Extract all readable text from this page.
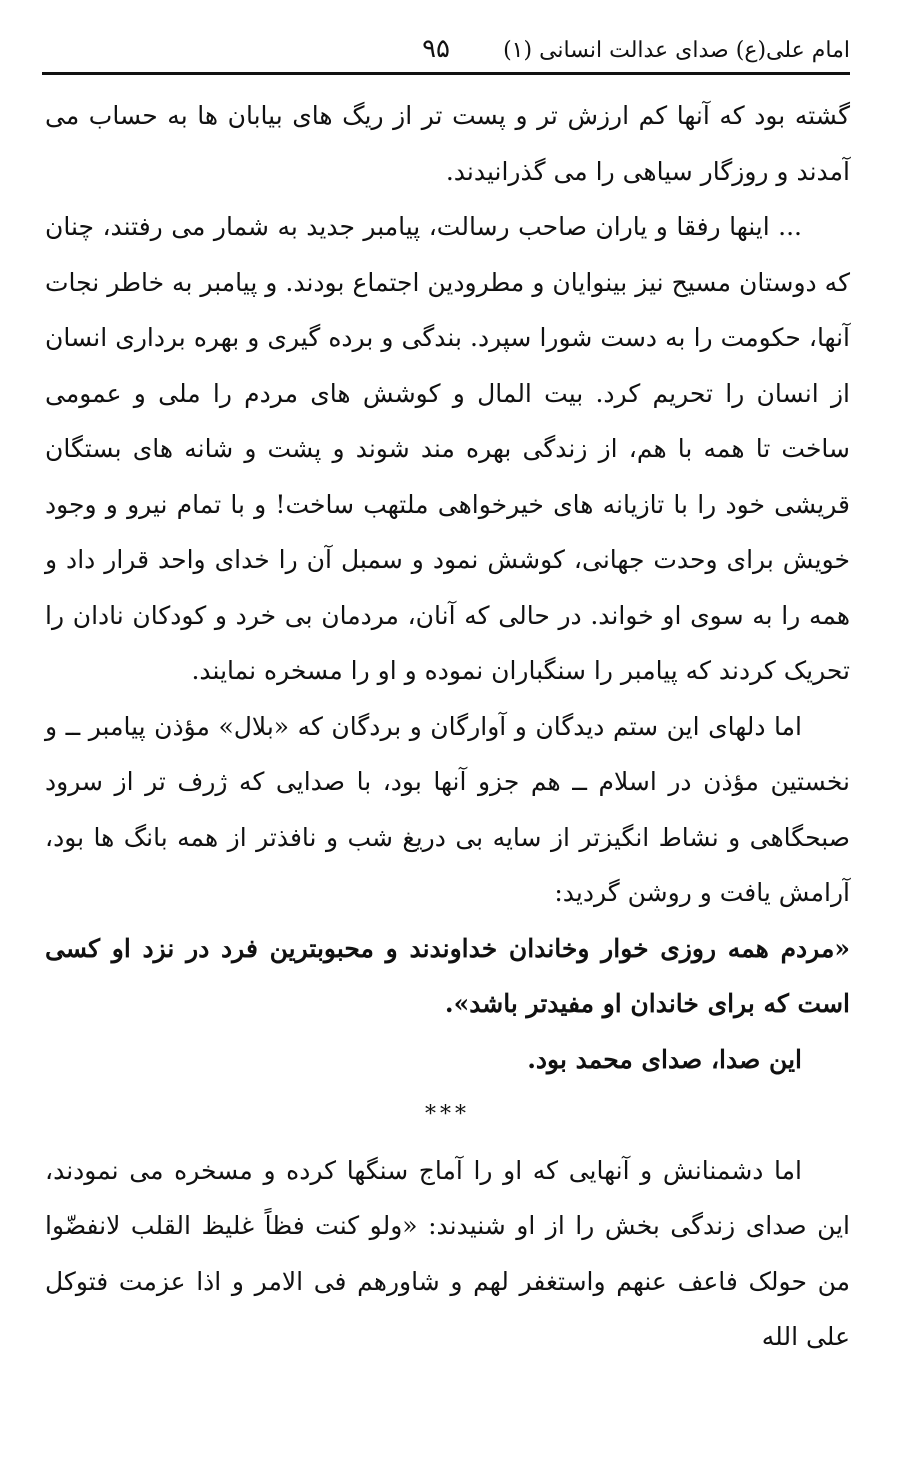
امام علی(ع) صدای عدالت انسانی (۱)
۹۵

گشته بود که آنها کم ارزش تر و پست تر از ریگ های بیابان ها به حساب می آمدند و روزگار سیاهی را می گذرانیدند.

... اینها رفقا و یاران صاحب رسالت، پیامبر جدید به شمار می رفتند، چنان که دوستان مسیح نیز بینوایان و مطرودین اجتماع بودند. و پیامبر به خاطر نجات آنها، حکومت را به دست شورا سپرد. بندگی و برده گیری و بهره برداری انسان از انسان را تحریم کرد. بیت المال و کوشش های مردم را ملی و عمومی ساخت تا همه با هم، از زندگی بهره مند شوند و پشت و شانه های بستگان قریشی خود را با تازیانه های خیرخواهی ملتهب ساخت! و با تمام نیرو و وجود خویش برای وحدت جهانی، کوشش نمود و سمبل آن را خدای واحد قرار داد و همه را به سوی او خواند. در حالی که آنان، مردمان بی خرد و کودکان نادان را تحریک کردند که پیامبر را سنگباران نموده و او را مسخره نمایند.

اما دلهای این ستم دیدگان و آوارگان و بردگان که «بلال» مؤذن پیامبر ــ و نخستین مؤذن در اسلام ــ هم جزو آنها بود، با صدایی که ژرف تر از سرود صبحگاهی و نشاط انگیزتر از سایه بی دریغ شب و نافذتر از همه بانگ ها بود، آرامش یافت و روشن گردید:

«مردم همه روزی خوار وخاندان خداوندند و محبوبترین فرد در نزد او کسی است که برای خاندان او مفیدتر باشد».

این صدا، صدای محمد بود.

***

اما دشمنانش و آنهایی که او را آماج سنگها کرده و مسخره می نمودند، این صدای زندگی بخش را از او شنیدند: «ولو کنت فظاً غلیظ القلب لانفضّوا من حولک فاعف عنهم واستغفر لهم و شاورهم فی الامر و اذا عزمت فتوکل علی الله
